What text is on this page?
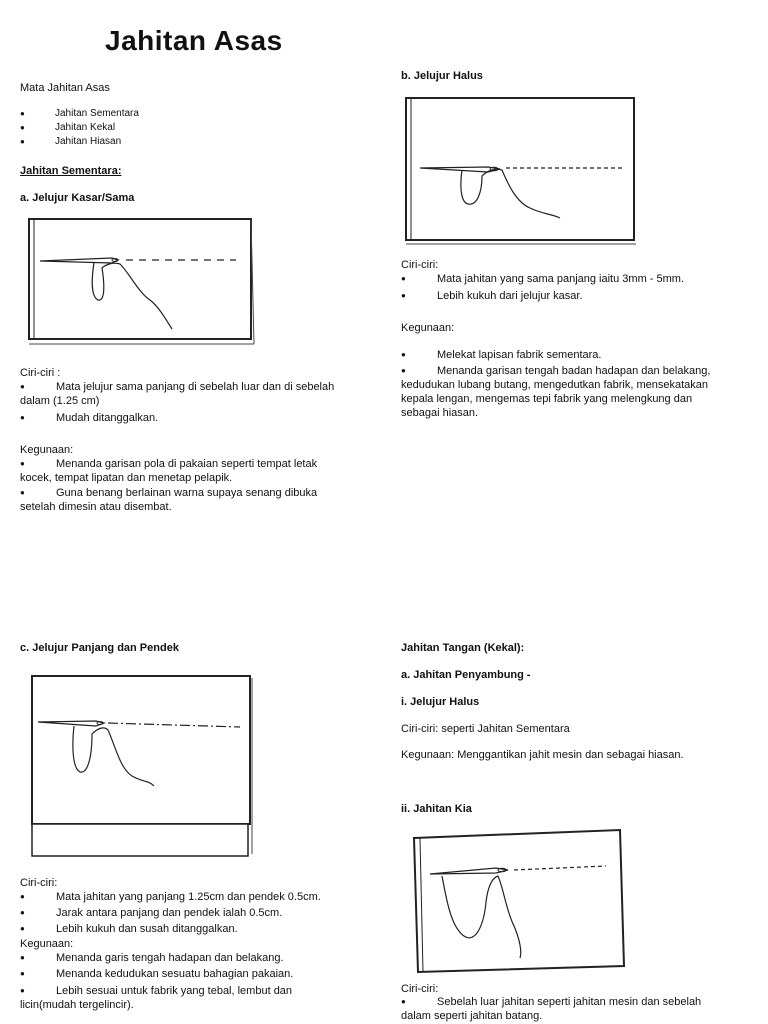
Jahitan Asas
Mata Jahitan Asas
●	Jahitan Sementara
●	Jahitan Kekal
●	Jahitan Hiasan
Jahitan Sementara:
a. Jelujur Kasar/Sama
Ciri-ciri :
●	Mata jelujur sama panjang di sebelah luar dan di sebelah dalam (1.25 cm)
●	Mudah ditanggalkan.
Kegunaan:
●	Menanda garisan pola di pakaian seperti tempat letak kocek, tempat lipatan dan menetap pelapik.
●	Guna benang berlainan warna supaya senang dibuka setelah dimesin atau disembat.
b. Jelujur Halus
Ciri-ciri:
●	Mata jahitan yang sama panjang iaitu 3mm - 5mm.
●	Lebih kukuh dari jelujur kasar.
Kegunaan:
●	Melekat lapisan fabrik sementara.
●	Menanda garisan tengah badan hadapan dan belakang, kedudukan lubang butang, mengedutkan fabrik, mensekatakan kepala lengan, mengemas tepi fabrik yang melengkung dan sebagai hiasan.
c. Jelujur Panjang dan Pendek
Ciri-ciri:
●	Mata jahitan yang panjang 1.25cm dan pendek 0.5cm.
●	Jarak antara panjang dan pendek ialah 0.5cm.
●	Lebih kukuh dan susah ditanggalkan.
Kegunaan:
●	Menanda garis tengah hadapan dan belakang.
●	Menanda kedudukan sesuatu bahagian pakaian.
●	Lebih sesuai untuk fabrik yang tebal, lembut dan licin(mudah tergelincir).
Jahitan Tangan (Kekal):
a. Jahitan Penyambung -
i. Jelujur Halus
Ciri-ciri: seperti Jahitan Sementara
Kegunaan: Menggantikan jahit mesin dan sebagai hiasan.
ii. Jahitan Kia
Ciri-ciri:
●	Sebelah luar jahitan seperti jahitan mesin dan sebelah dalam seperti jahitan batang.
